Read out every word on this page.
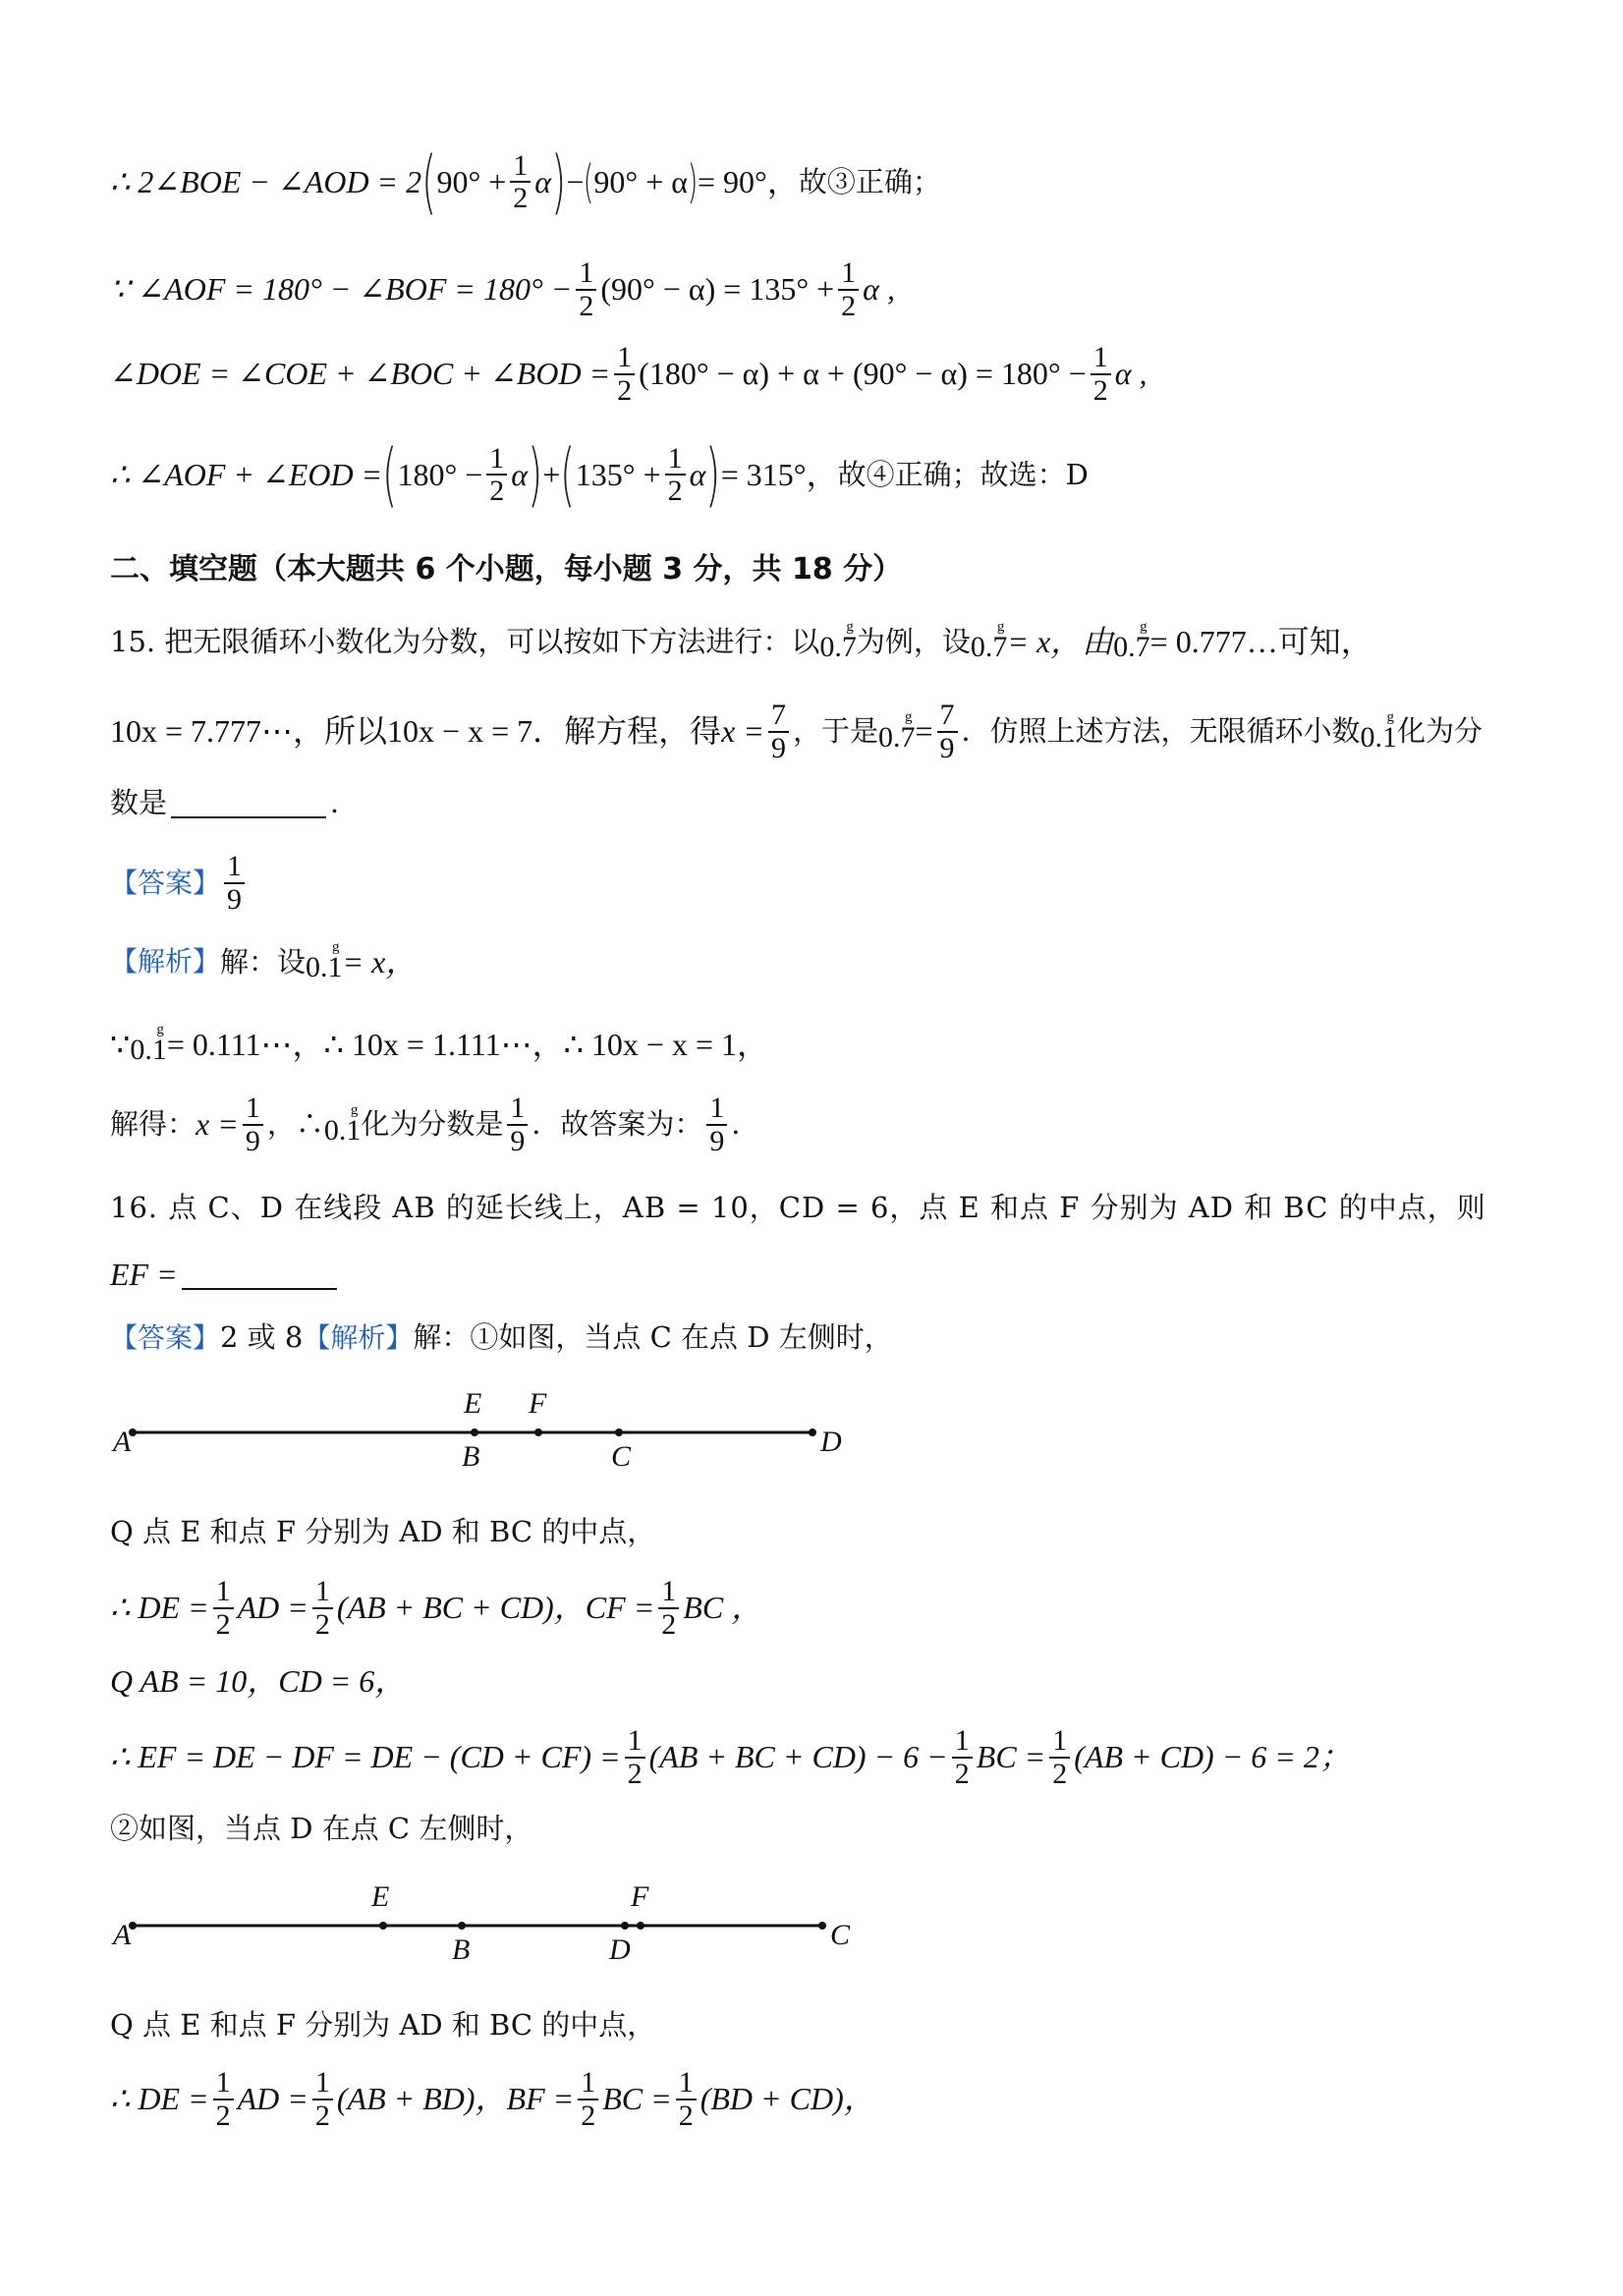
∴ 2∠BOE − ∠AOD = 2 ( $90^\circ + \frac{1}{2}$ α ) − ( 90° + α ) = 90°， 故③正确；
∵ ∠AOF = 180° − ∠BOF = $180^\circ - \frac{1}{2} (90^\circ - \alpha) = 135^\circ + \frac{1}{2}$ α ,
∠DOE = ∠COE + ∠BOC + ∠BOD = $\frac{1}{2} (180^\circ - \alpha) + \alpha + (90^\circ - \alpha) = 180^\circ - \frac{1}{2}$ α ,
∴ ∠AOF + ∠EOD = ( $180^\circ - \frac{1}{2}$ α ) + ( $135^\circ + \frac{1}{2}$ α ) = 315°， 故④正确；故选：D
二、填空题（本大题共 6 个小题，每小题 3 分，共 18 分）
15. 把无限循环小数化为分数，可以按如下方法进行：以 g
0.7 为例，设 g
0.7 = x，由 g
0.7 = 0.777…可知，
10x = 7.777⋯，所以10x − x = 7．解方程，得 $x = \frac{7}{9}$ ，于是 g
$0.7 = \frac{7}{9}$ ．仿照上述方法，无限循环小数 g
0.1 化为分
数是	．
【答案】 $\frac{1}{9}$
【解析】 解：设 g
0.1 = x，
∵ g
0.1 = 0.111⋯，∴ 10x = 1.111⋯，∴ 10x − x = 1，
解得： $x = \frac{1}{9}$ ，∴ g
0.1 化为分数是 $\frac{1}{9}$ ．故答案为： $\frac{1}{9}$ ．
16. 点 C、D 在线段 AB 的延长线上，AB = 10，CD = 6，点 E 和点 F 分别为 AD 和 BC 的中点，则
EF =
【答案】 2 或 8 【解析】 解：①如图，当点 C 在点 D 左侧时，
A	B
E F
C	D
Q 点 E 和点 F 分别为 AD 和 BC 的中点，
∴ DE = $\frac{1}{2}$ AD = $\frac{1}{2} (AB$ + BC + CD)，CF = $\frac{1}{2}$ BC ，
Q AB = 10，CD = 6，
∴ EF = DE − DF = DE − $(CD + CF) = \frac{1}{2} (AB$ + BC + $CD) - 6 - \frac{1}{2}$ BC = $\frac{1}{2} (AB + CD) - 6 = 2$；
②如图，当点 D 在点 C 左侧时，
A
E
B
F
D	C
Q 点 E 和点 F 分别为 AD 和 BC 的中点，
∴ DE = $\frac{1}{2}$ AD = $\frac{1}{2} (AB + BD)$，BF = $\frac{1}{2}$ BC = $\frac{1}{2} (BD + CD)$，
